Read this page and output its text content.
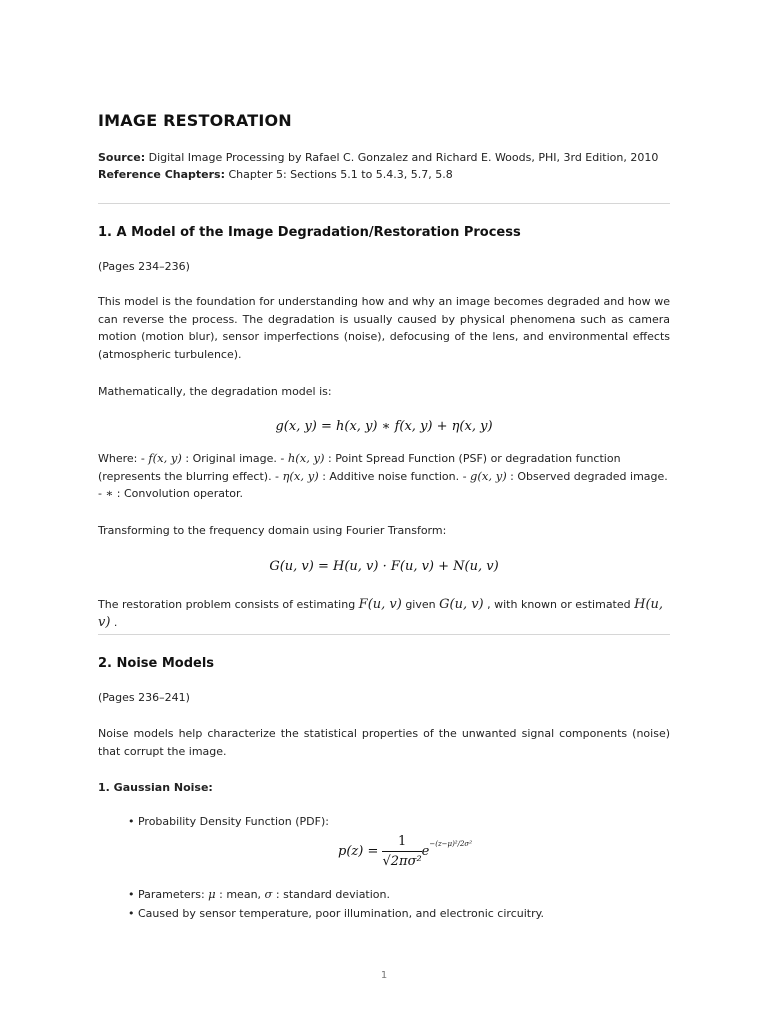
IMAGE RESTORATION
Source: Digital Image Processing by Rafael C. Gonzalez and Richard E. Woods, PHI, 3rd Edition, 2010
Reference Chapters: Chapter 5: Sections 5.1 to 5.4.3, 5.7, 5.8
1. A Model of the Image Degradation/Restoration Process
(Pages 234–236)
This model is the foundation for understanding how and why an image becomes degraded and how we can reverse the process. The degradation is usually caused by physical phenomena such as camera motion (motion blur), sensor imperfections (noise), defocusing of the lens, and environmental effects (atmospheric turbulence).
Mathematically, the degradation model is:
g(x, y) = h(x, y) ∗ f(x, y) + η(x, y)
Where: - f(x, y) : Original image. - h(x, y) : Point Spread Function (PSF) or degradation function (represents the blurring effect). - η(x, y) : Additive noise function. - g(x, y) : Observed degraded image. - ∗ : Convolution operator.
Transforming to the frequency domain using Fourier Transform:
G(u, v) = H(u, v) · F(u, v) + N(u, v)
The restoration problem consists of estimating F(u, v) given G(u, v) , with known or estimated H(u, v) .
2. Noise Models
(Pages 236–241)
Noise models help characterize the statistical properties of the unwanted signal components (noise) that corrupt the image.
1. Gaussian Noise:
• Probability Density Function (PDF):
$p(z) = \frac{1}{\text{√2πσ²}} e^{-(z-\mu)^2/2\sigma^2}$
• Parameters: μ : mean, σ : standard deviation.
• Caused by sensor temperature, poor illumination, and electronic circuitry.
1
